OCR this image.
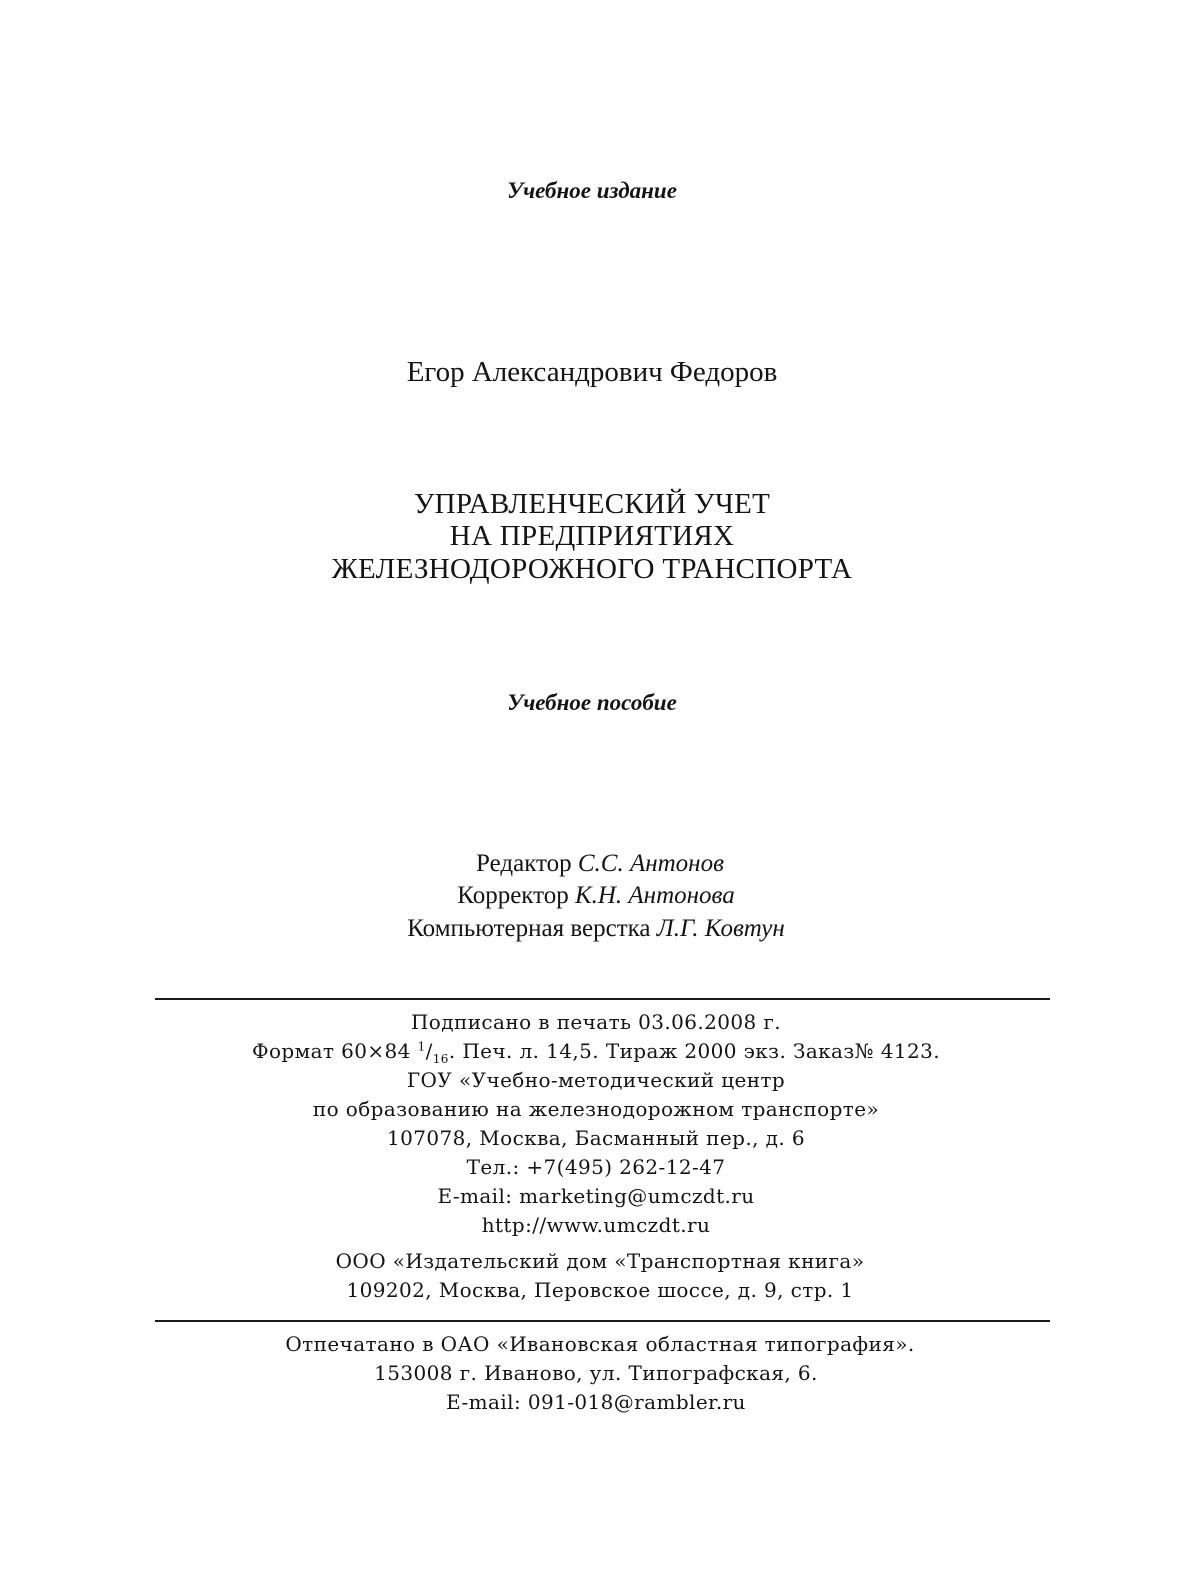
Учебное издание
Егор Александрович Федоров
УПРАВЛЕНЧЕСКИЙ УЧЕТ
НА ПРЕДПРИЯТИЯХ
ЖЕЛЕЗНОДОРОЖНОГО ТРАНСПОРТА
Учебное пособие
Редактор С.С. Антонов
Корректор К.Н. Антонова
Компьютерная верстка Л.Г. Ковтун
Подписано в печать 03.06.2008 г.
Формат 60×84 $^1/_{16}$. Печ. л. 14,5. Тираж 2000 экз. Заказ№ 4123.
ГОУ «Учебно-методический центр
по образованию на железнодорожном транспорте»
107078, Москва, Басманный пер., д. 6
Тел.: +7(495) 262-12-47
E-mail: marketing@umczdt.ru
http://www.umczdt.ru
ООО «Издательский дом «Транспортная книга»
109202, Москва, Перовское шоссе, д. 9, стр. 1
Отпечатано в ОАО «Ивановская областная типография».
153008 г. Иваново, ул. Типографская, 6.
E-mail: 091-018@rambler.ru
